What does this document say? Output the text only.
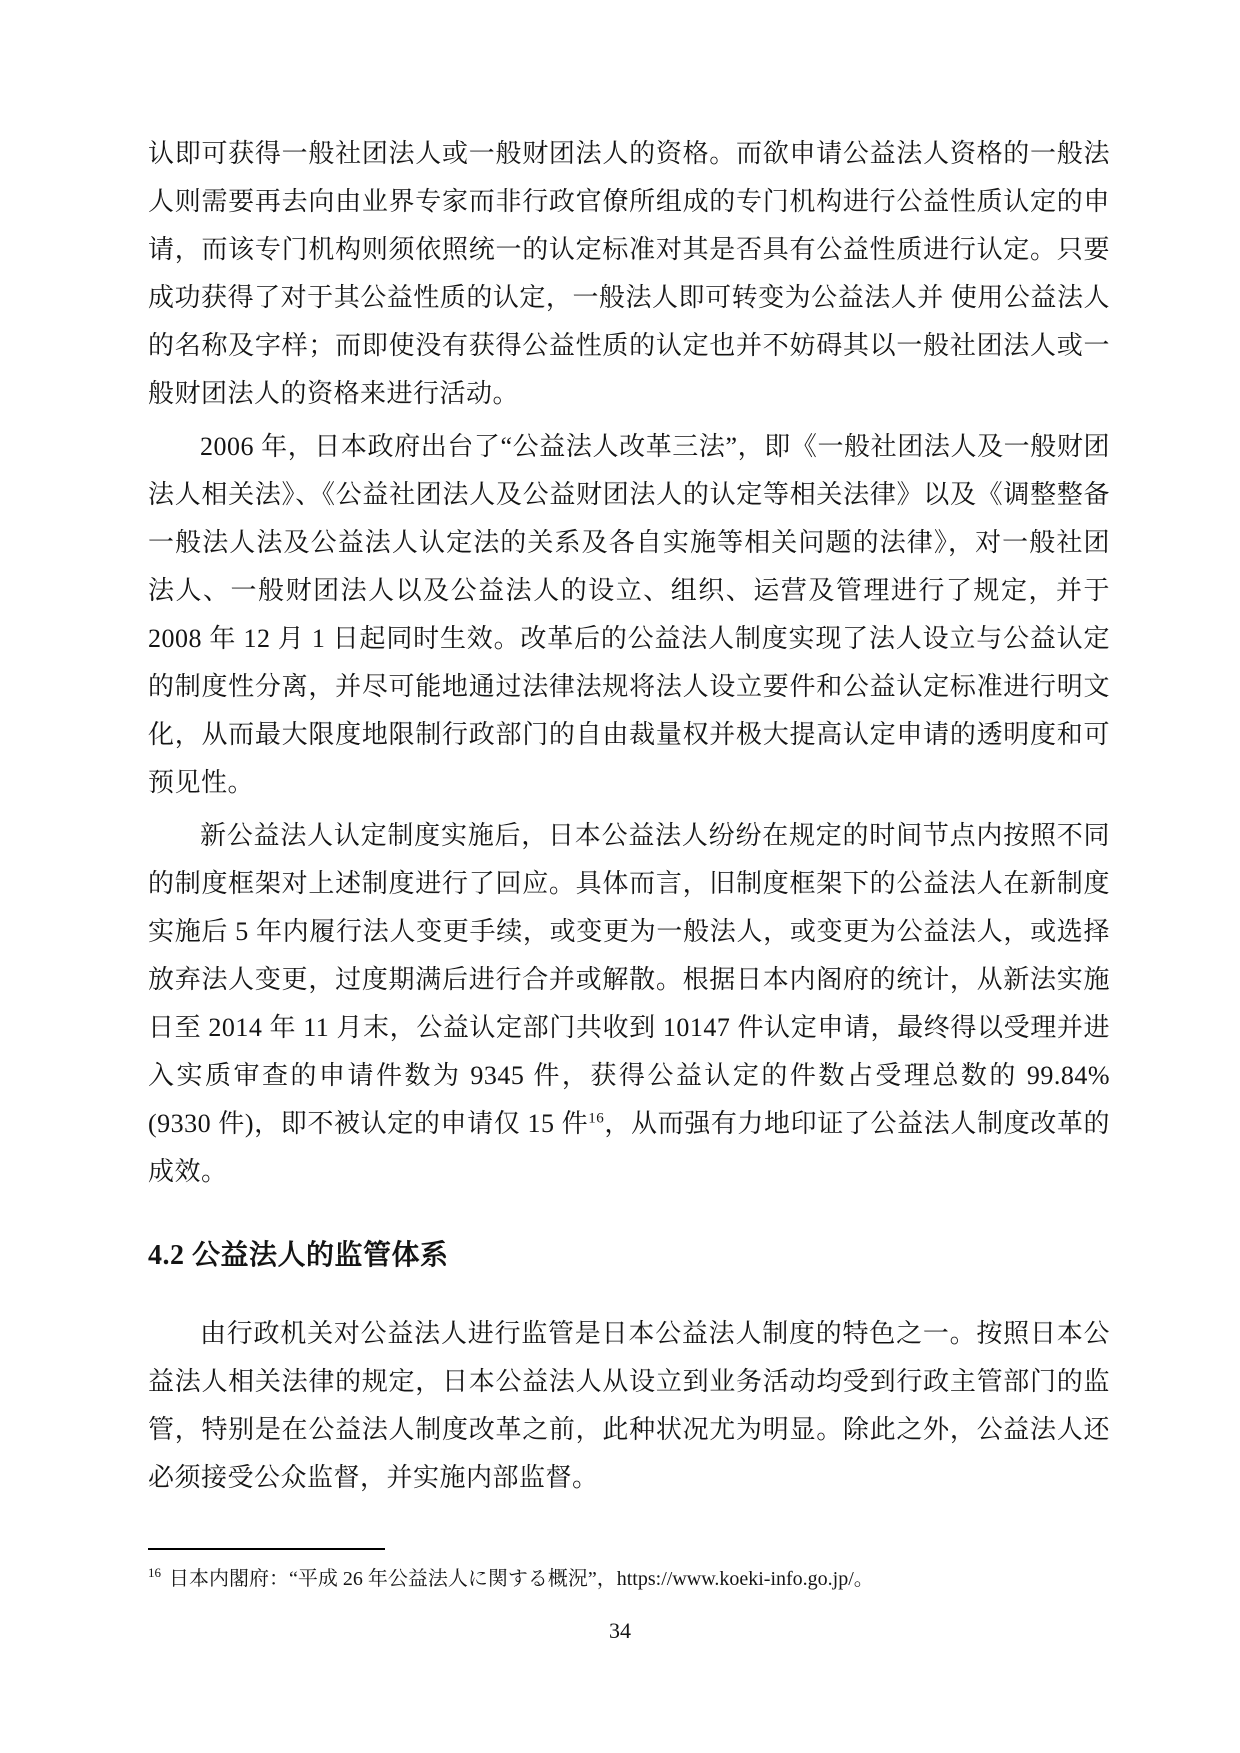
认即可获得一般社团法人或一般财团法人的资格。而欲申请公益法人资格的一般法人则需要再去向由业界专家而非行政官僚所组成的专门机构进行公益性质认定的申请，而该专门机构则须依照统一的认定标准对其是否具有公益性质进行认定。只要成功获得了对于其公益性质的认定，一般法人即可转变为公益法人并 使用公益法人的名称及字样；而即使没有获得公益性质的认定也并不妨碍其以一般社团法人或一般财团法人的资格来进行活动。

2006 年，日本政府出台了“公益法人改革三法”，即《一般社团法人及一般财团法人相关法》、《公益社团法人及公益财团法人的认定等相关法律》以及《调整整备一般法人法及公益法人认定法的关系及各自实施等相关问题的法律》，对一般社团法人、一般财团法人以及公益法人的设立、组织、运营及管理进行了规定，并于 2008 年 12 月 1 日起同时生效。改革后的公益法人制度实现了法人设立与公益认定的制度性分离，并尽可能地通过法律法规将法人设立要件和公益认定标准进行明文化，从而最大限度地限制行政部门的自由裁量权并极大提高认定申请的透明度和可预见性。

新公益法人认定制度实施后，日本公益法人纷纷在规定的时间节点内按照不同的制度框架对上述制度进行了回应。具体而言，旧制度框架下的公益法人在新制度实施后 5 年内履行法人变更手续，或变更为一般法人，或变更为公益法人，或选择放弃法人变更，过度期满后进行合并或解散。根据日本内阁府的统计，从新法实施日至 2014 年 11 月末，公益认定部门共收到 10147 件认定申请，最终得以受理并进入实质审查的申请件数为 9345 件，获得公益认定的件数占受理总数的 99.84%(9330 件)，即不被认定的申请仅 15 件$^{16}$，从而强有力地印证了公益法人制度改革的成效。

4.2 公益法人的监管体系

由行政机关对公益法人进行监管是日本公益法人制度的特色之一。按照日本公益法人相关法律的规定，日本公益法人从设立到业务活动均受到行政主管部门的监管，特别是在公益法人制度改革之前，此种状况尤为明显。除此之外，公益法人还必须接受公众监督，并实施内部监督。

$^{16}$ 日本内閣府：“平成 26 年公益法人に関する概況”，https://www.koeki-info.go.jp/。

34
